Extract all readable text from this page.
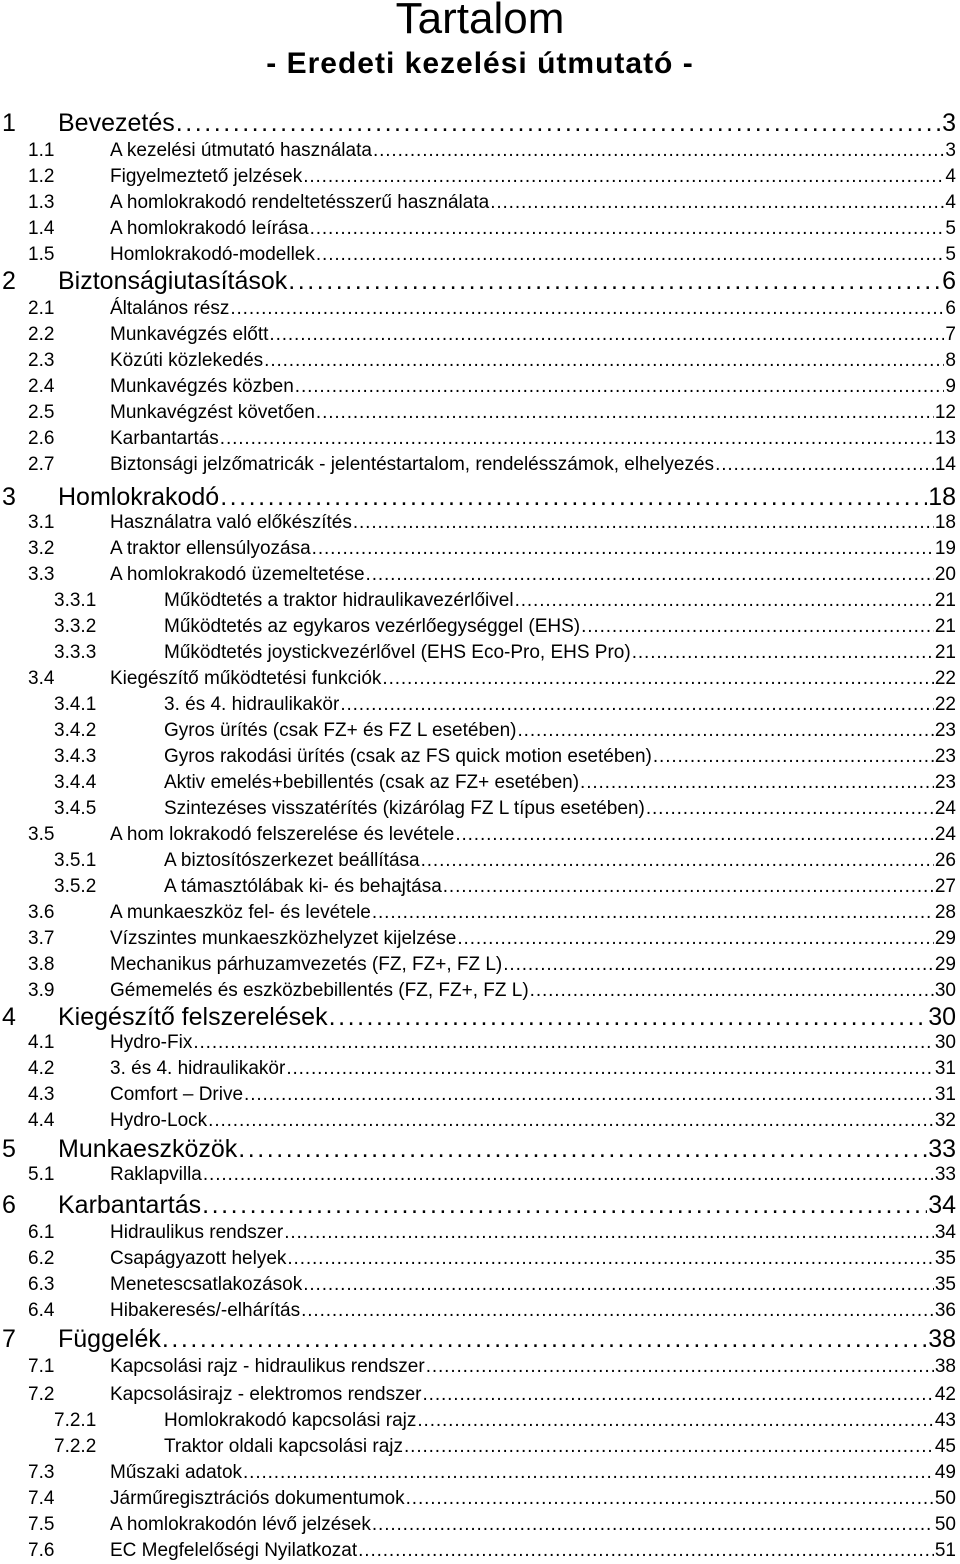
Tartalom
- Eredeti kezelési útmutató -
1	Bevezetés . . .	3
1.1	A kezelési útmutató használata . . .	3
1.2	Figyelmeztető jelzések . . .	4
1.3	A homlokrakodó rendeltetésszerű használata . . .	4
1.4	A homlokrakodó leírása . . .	5
1.5	Homlokrakodó-modellek . . .	5
2	Biztonságiutasítások . . .	6
2.1	Általános rész . . .	6
2.2	Munkavégzés előtt . . .	7
2.3	Közúti közlekedés . . .	8
2.4	Munkavégzés közben . . .	9
2.5	Munkavégzést követően . . .	12
2.6	Karbantartás . . .	13
2.7	Biztonsági jelzőmatricák - jelentéstartalom, rendelésszámok, elhelyezés . . .	14
3	Homlokrakodó . . .	18
3.1	Használatra való előkészítés . . .	18
3.2	A traktor ellensúlyozása . . .	19
3.3	A homlokrakodó üzemeltetése . . .	20
3.3.1	Működtetés a traktor hidraulikavezérlőivel . . .	21
3.3.2	Működtetés az egykaros vezérlőegységgel (EHS) . . .	21
3.3.3	Működtetés joystickvezérlővel (EHS Eco-Pro, EHS Pro) . . .	21
3.4	Kiegészítő működtetési funkciók . . .	22
3.4.1	3. és 4. hidraulikakör . . .	22
3.4.2	Gyros ürítés (csak FZ+ és FZ L esetében) . . .	23
3.4.3	Gyros rakodási ürítés (csak az FS quick motion esetében) . . .	23
3.4.4	Aktiv emelés+bebillentés (csak az FZ+ esetében) . . .	23
3.4.5	Szintezéses visszatérítés (kizárólag FZ L típus esetében) . . .	24
3.5	A hom lokrakodó felszerelése és levétele . . .	24
3.5.1	A biztosítószerkezet beállítása . . .	26
3.5.2	A támasztólábak ki- és behajtása . . .	27
3.6	A munkaeszköz fel- és levétele . . .	28
3.7	Vízszintes munkaeszközhelyzet kijelzése . . .	29
3.8	Mechanikus párhuzamvezetés (FZ, FZ+, FZ L) . . .	29
3.9	Gémemelés és eszközbebillentés (FZ, FZ+, FZ L) . . .	30
4	Kiegészítő felszerelések . . .	30
4.1	Hydro-Fix . . .	30
4.2	3. és 4. hidraulikakör . . .	31
4.3	Comfort – Drive . . .	31
4.4	Hydro-Lock . . .	32
5	Munkaeszközök . . .	33
5.1	Raklapvilla . . .	33
6	Karbantartás . . .	34
6.1	Hidraulikus rendszer . . .	34
6.2	Csapágyazott helyek . . .	35
6.3	Menetescsatlakozások . . .	35
6.4	Hibakeresés/-elhárítás . . .	36
7	Függelék . . .	38
7.1	Kapcsolási rajz - hidraulikus rendszer . . .	38
7.2	Kapcsolásirajz - elektromos rendszer . . .	42
7.2.1	Homlokrakodó kapcsolási rajz . . .	43
7.2.2	Traktor oldali kapcsolási rajz . . .	45
7.3	Műszaki adatok . . .	49
7.4	Járműregisztrációs dokumentumok . . .	50
7.5	A homlokrakodón lévő jelzések . . .	50
7.6	EC Megfelelőségi Nyilatkozat . . .	51
